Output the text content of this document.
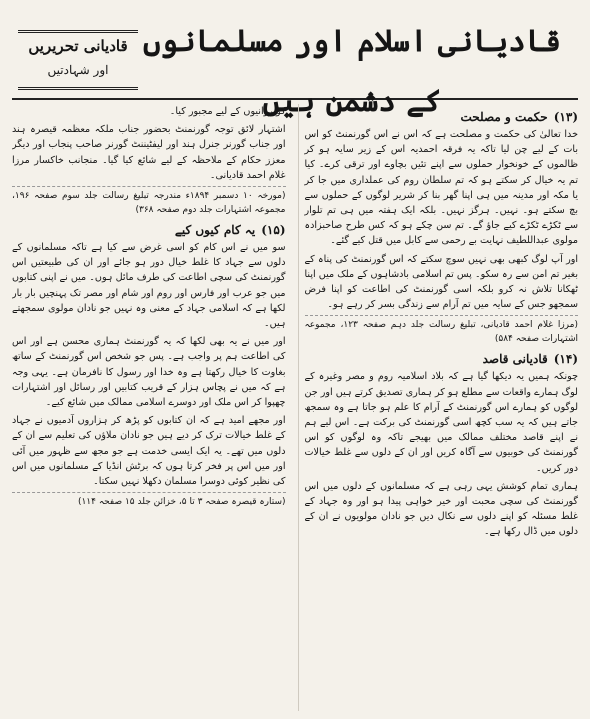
قادیانی اسلام اور مسلمانوں کے دشمن ہیں
قادیانی تحریریں
اور شہادتیں
(۱۳)حکمت و مصلحت

خدا تعالیٰ کی حکمت و مصلحت ہے کہ اس نے اس گورنمنٹ کو اس بات کے لیے چن لیا تاکہ یہ فرقہ احمدیہ اس کے زیر سایہ ہو کر ظالموں کے خونخوار حملوں سے اپنے تئیں بچاوے اور ترقی کرے۔ کیا تم یہ خیال کر سکتے ہو کہ تم سلطان روم کی عملداری میں جا کر یا مکہ اور مدینہ میں ہی اپنا گھر بنا کر شریر لوگوں کے حملوں سے بچ سکتے ہو۔ نہیں۔ ہرگز نہیں۔ بلکہ ایک ہفتہ میں ہی تم تلوار سے ٹکڑے ٹکڑے کیے جاؤ گے۔ تم سن چکے ہو کہ کس طرح صاحبزادہ مولوی عبداللطیف نہایت بے رحمی سے کابل میں قتل کیے گئے۔

اور آپ لوگ کبھی بھی نہیں سوچ سکتے کہ اس گورنمنٹ کی پناہ کے بغیر تم امن سے رہ سکو۔ پس تم اسلامی بادشاہوں کے ملک میں اپنا ٹھکانا تلاش نہ کرو بلکہ اسی گورنمنٹ کی اطاعت کو اپنا فرض سمجھو جس کے سایہ میں تم آرام سے زندگی بسر کر رہے ہو۔

(مرزا غلام احمد قادیانی، تبلیغ رسالت جلد دہم صفحہ ۱۲۳، مجموعہ اشتہارات صفحہ ۵۸۴)

(۱۴)قادیانی قاصد

چونکہ ہمیں یہ دیکھا گیا ہے کہ بلاد اسلامیہ روم و مصر وغیرہ کے لوگ ہمارے واقعات سے مطلع ہو کر ہماری تصدیق کرتے ہیں اور جن لوگوں کو ہمارے اس گورنمنٹ کے آرام کا علم ہو جاتا ہے وہ سمجھ جاتے ہیں کہ یہ سب کچھ اسی گورنمنٹ کی برکت ہے۔ اس لیے ہم نے اپنے قاصد مختلف ممالک میں بھیجے تاکہ وہ لوگوں کو اس گورنمنٹ کی خوبیوں سے آگاہ کریں اور ان کے دلوں سے غلط خیالات دور کریں۔

ہماری تمام کوشش یہی رہی ہے کہ مسلمانوں کے دلوں میں اس گورنمنٹ کی سچی محبت اور خیر خواہی پیدا ہو اور وہ جہاد کے غلط مسئلہ کو اپنے دلوں سے نکال دیں جو نادان مولویوں نے ان کے دلوں میں ڈال رکھا ہے۔

کو روانیوں کے لیے مجبور کیا۔

اشتہار لائق توجہ گورنمنٹ بحضور جناب ملکہ معظمہ قیصرہ ہند اور جناب گورنر جنرل ہند اور لیفٹیننٹ گورنر صاحب پنجاب اور دیگر معزز حکام کے ملاحظہ کے لیے شائع کیا گیا۔ منجانب خاکسار مرزا غلام احمد قادیانی۔

(مورخہ ۱۰ دسمبر ۱۸۹۴ء مندرجہ تبلیغ رسالت جلد سوم صفحہ ۱۹۶، مجموعہ اشتہارات جلد دوم صفحہ ۳۶۸)

(۱۵)یہ کام کیوں کیے

سو میں نے اس کام کو اسی غرض سے کیا ہے تاکہ مسلمانوں کے دلوں سے جہاد کا غلط خیال دور ہو جائے اور ان کی طبیعتیں اس گورنمنٹ کی سچی اطاعت کی طرف مائل ہوں۔ میں نے اپنی کتابوں میں جو عرب اور فارس اور روم اور شام اور مصر تک پہنچیں بار بار لکھا ہے کہ اسلامی جہاد کے معنی وہ نہیں جو نادان مولوی سمجھتے ہیں۔

اور میں نے یہ بھی لکھا کہ یہ گورنمنٹ ہماری محسن ہے اور اس کی اطاعت ہم پر واجب ہے۔ پس جو شخص اس گورنمنٹ کے ساتھ بغاوت کا خیال رکھتا ہے وہ خدا اور رسول کا نافرمان ہے۔ یہی وجہ ہے کہ میں نے پچاس ہزار کے قریب کتابیں اور رسائل اور اشتہارات چھپوا کر اس ملک اور دوسرے اسلامی ممالک میں شائع کیے۔

اور مجھے امید ہے کہ ان کتابوں کو پڑھ کر ہزاروں آدمیوں نے جہاد کے غلط خیالات ترک کر دیے ہیں جو نادان ملاؤں کی تعلیم سے ان کے دلوں میں تھے۔ یہ ایک ایسی خدمت ہے جو مجھ سے ظہور میں آئی اور میں اس پر فخر کرتا ہوں کہ برٹش انڈیا کے مسلمانوں میں اس کی نظیر کوئی دوسرا مسلمان دکھلا نہیں سکتا۔

(ستارہ قیصرہ صفحہ ۳ تا ۵، خزائن جلد ۱۵ صفحہ ۱۱۴)
